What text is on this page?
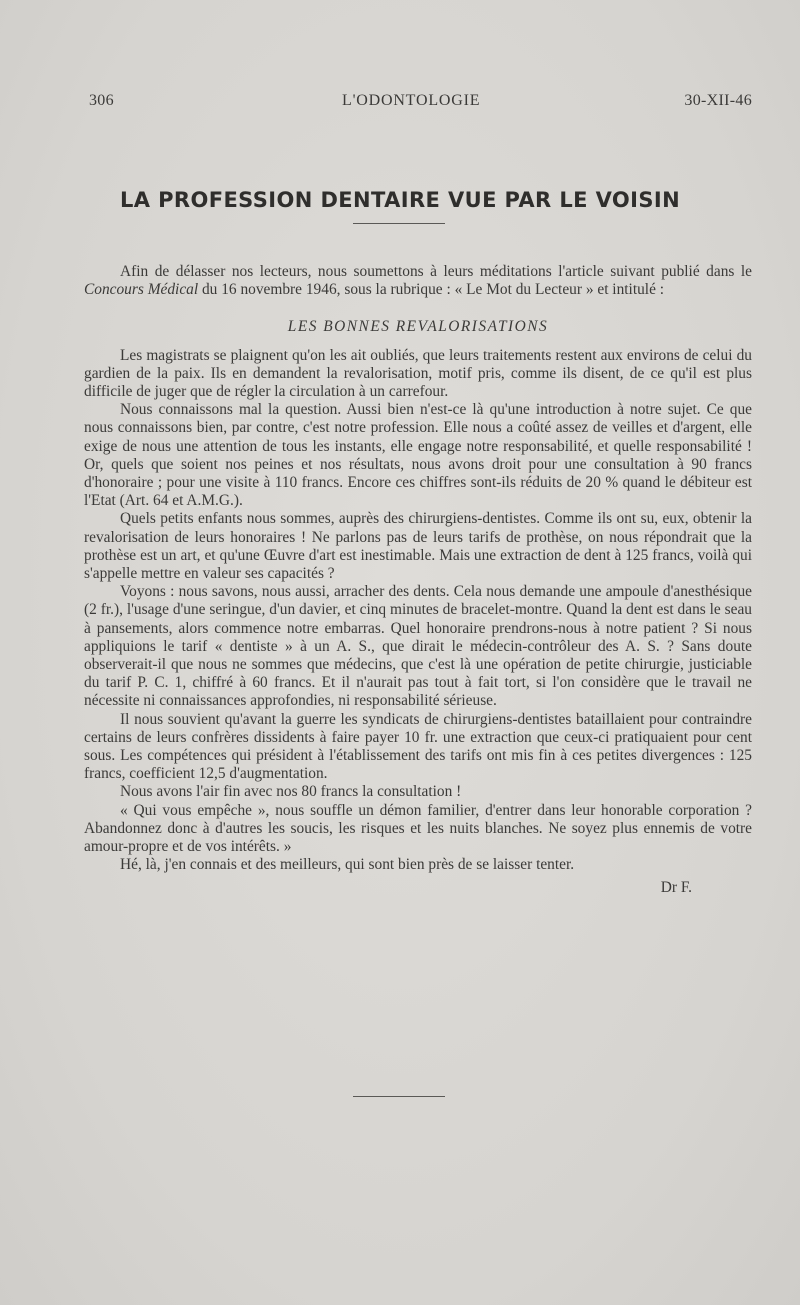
306	L'ODONTOLOGIE	30-XII-46
LA PROFESSION DENTAIRE VUE PAR LE VOISIN

Afin de délasser nos lecteurs, nous soumettons à leurs méditations l'article suivant publié dans le Concours Médical du 16 novembre 1946, sous la rubrique : « Le Mot du Lecteur » et intitulé :

LES BONNES REVALORISATIONS

Les magistrats se plaignent qu'on les ait oubliés, que leurs traitements restent aux environs de celui du gardien de la paix. Ils en demandent la revalorisation, motif pris, comme ils disent, de ce qu'il est plus difficile de juger que de régler la circulation à un carrefour.

Nous connaissons mal la question. Aussi bien n'est-ce là qu'une introduction à notre sujet. Ce que nous connaissons bien, par contre, c'est notre profession. Elle nous a coûté assez de veilles et d'argent, elle exige de nous une attention de tous les instants, elle engage notre responsabilité, et quelle responsabilité ! Or, quels que soient nos peines et nos résultats, nous avons droit pour une consultation à 90 francs d'honoraire ; pour une visite à 110 francs. Encore ces chiffres sont-ils réduits de 20 % quand le débiteur est l'Etat (Art. 64 et A.M.G.).

Quels petits enfants nous sommes, auprès des chirurgiens-dentistes. Comme ils ont su, eux, obtenir la revalorisation de leurs honoraires ! Ne parlons pas de leurs tarifs de prothèse, on nous répondrait que la prothèse est un art, et qu'une Œuvre d'art est inestimable. Mais une extraction de dent à 125 francs, voilà qui s'appelle mettre en valeur ses capacités ?

Voyons : nous savons, nous aussi, arracher des dents. Cela nous demande une ampoule d'anesthésique (2 fr.), l'usage d'une seringue, d'un davier, et cinq minutes de bracelet-montre. Quand la dent est dans le seau à pansements, alors commence notre embarras. Quel honoraire prendrons-nous à notre patient ? Si nous appliquions le tarif « dentiste » à un A. S., que dirait le médecin-contrôleur des A. S. ? Sans doute observerait-il que nous ne sommes que médecins, que c'est là une opération de petite chirurgie, justiciable du tarif P. C. 1, chiffré à 60 francs. Et il n'aurait pas tout à fait tort, si l'on considère que le travail ne nécessite ni connaissances approfondies, ni responsabilité sérieuse.

Il nous souvient qu'avant la guerre les syndicats de chirurgiens-dentistes bataillaient pour contraindre certains de leurs confrères dissidents à faire payer 10 fr. une extraction que ceux-ci pratiquaient pour cent sous. Les compétences qui président à l'établissement des tarifs ont mis fin à ces petites divergences : 125 francs, coefficient 12,5 d'augmentation.

Nous avons l'air fin avec nos 80 francs la consultation !

« Qui vous empêche », nous souffle un démon familier, d'entrer dans leur honorable corporation ? Abandonnez donc à d'autres les soucis, les risques et les nuits blanches. Ne soyez plus ennemis de votre amour-propre et de vos intérêts. »

Hé, là, j'en connais et des meilleurs, qui sont bien près de se laisser tenter.

Dr F.
